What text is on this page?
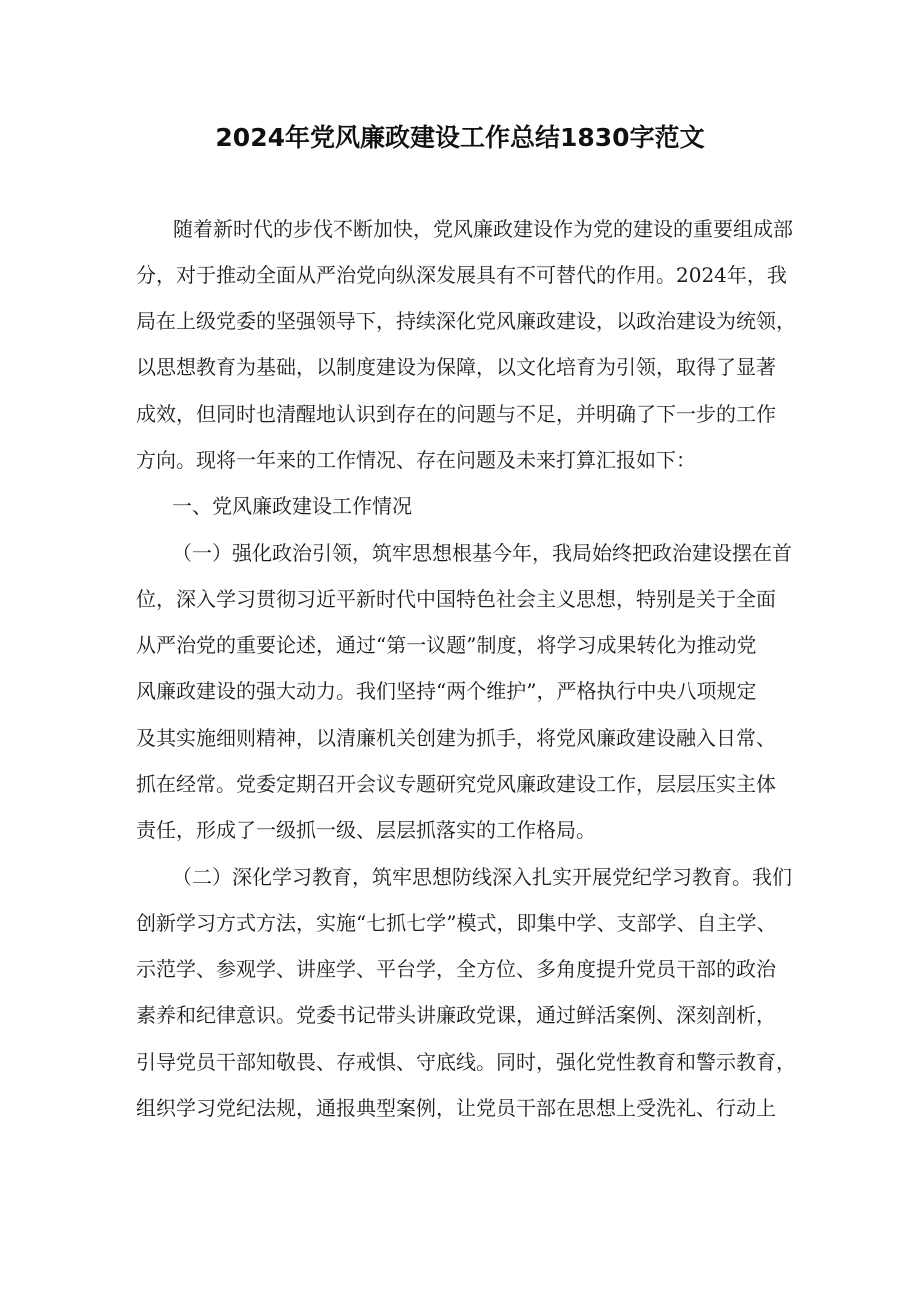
2024年党风廉政建设工作总结1830字范文
随着新时代的步伐不断加快，党风廉政建设作为党的建设的重要组成部
分，对于推动全面从严治党向纵深发展具有不可替代的作用。2024年，我
局在上级党委的坚强领导下，持续深化党风廉政建设，以政治建设为统领，
以思想教育为基础，以制度建设为保障，以文化培育为引领，取得了显著
成效，但同时也清醒地认识到存在的问题与不足，并明确了下一步的工作
方向。现将一年来的工作情况、存在问题及未来打算汇报如下：
一、党风廉政建设工作情况
（一）强化政治引领，筑牢思想根基今年，我局始终把政治建设摆在首
位，深入学习贯彻习近平新时代中国特色社会主义思想，特别是关于全面
从严治党的重要论述，通过“第一议题”制度，将学习成果转化为推动党
风廉政建设的强大动力。我们坚持“两个维护”，严格执行中央八项规定
及其实施细则精神，以清廉机关创建为抓手，将党风廉政建设融入日常、
抓在经常。党委定期召开会议专题研究党风廉政建设工作，层层压实主体
责任，形成了一级抓一级、层层抓落实的工作格局。
（二）深化学习教育，筑牢思想防线深入扎实开展党纪学习教育。我们
创新学习方式方法，实施“七抓七学”模式，即集中学、支部学、自主学、
示范学、参观学、讲座学、平台学，全方位、多角度提升党员干部的政治
素养和纪律意识。党委书记带头讲廉政党课，通过鲜活案例、深刻剖析，
引导党员干部知敬畏、存戒惧、守底线。同时，强化党性教育和警示教育，
组织学习党纪法规，通报典型案例，让党员干部在思想上受洗礼、行动上
